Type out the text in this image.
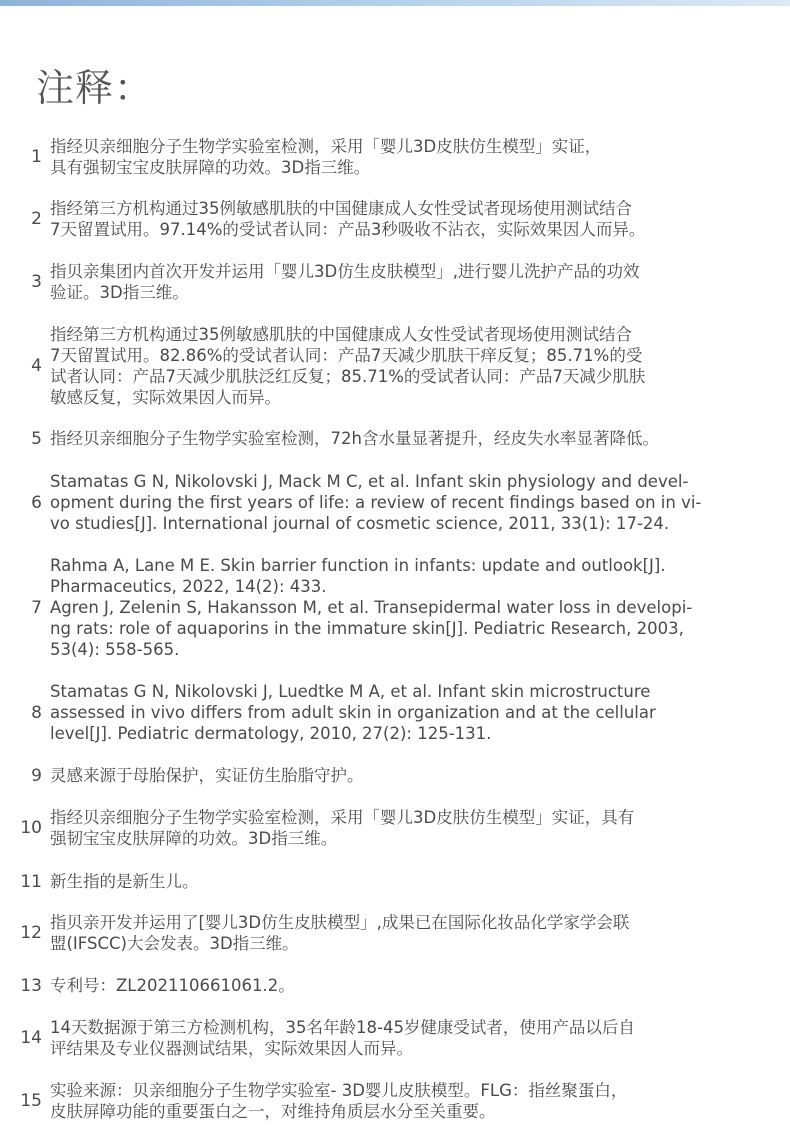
注释：
1
指经贝亲细胞分子生物学实验室检测，采用「婴儿3D皮肤仿生模型」实证，
具有强韧宝宝皮肤屏障的功效。3D指三维。
2
指经第三方机构通过35例敏感肌肤的中国健康成人女性受试者现场使用测试结合
7天留置试用。97.14%的受试者认同：产品3秒吸收不沾衣，实际效果因人而异。
3
指贝亲集团内首次开发并运用「婴儿3D仿生皮肤模型」,进行婴儿洗护产品的功效
验证。3D指三维。
4
指经第三方机构通过35例敏感肌肤的中国健康成人女性受试者现场使用测试结合
7天留置试用。82.86%的受试者认同：产品7天减少肌肤干痒反复；85.71%的受
试者认同：产品7天减少肌肤泛红反复；85.71%的受试者认同：产品7天减少肌肤
敏感反复，实际效果因人而异。
5 指经贝亲细胞分子生物学实验室检测，72h含水量显著提升，经皮失水率显著降低。
6
Stamatas G N, Nikolovski J, Mack M C, et al. Infant skin physiology and devel-
opment during the first years of life: a review of recent findings based on in vi-
vo studies[J]. International journal of cosmetic science, 2011, 33(1): 17-24.
7
Rahma A, Lane M E. Skin barrier function in infants: update and outlook[J].
Pharmaceutics, 2022, 14(2): 433.
Agren J, Zelenin S, Hakansson M, et al. Transepidermal water loss in developi-
ng rats: role of aquaporins in the immature skin[J]. Pediatric Research, 2003,
53(4): 558-565.
8
Stamatas G N, Nikolovski J, Luedtke M A, et al. Infant skin microstructure
assessed in vivo differs from adult skin in organization and at the cellular
level[J]. Pediatric dermatology, 2010, 27(2): 125-131.
9 灵感来源于母胎保护，实证仿生胎脂守护。
10
指经贝亲细胞分子生物学实验室检测，采用「婴儿3D皮肤仿生模型」实证，具有
强韧宝宝皮肤屏障的功效。3D指三维。
11 新生指的是新生儿。
12
指贝亲开发并运用了[婴儿3D仿生皮肤模型」,成果已在国际化妆品化学家学会联
盟(IFSCC)大会发表。3D指三维。
13 专利号：ZL202110661061.2。
14
14天数据源于第三方检测机构，35名年龄18-45岁健康受试者，使用产品以后自
评结果及专业仪器测试结果，实际效果因人而异。
15
实验来源：贝亲细胞分子生物学实验室- 3D婴儿皮肤模型。FLG：指丝聚蛋白，
皮肤屏障功能的重要蛋白之一，对维持角质层水分至关重要。
